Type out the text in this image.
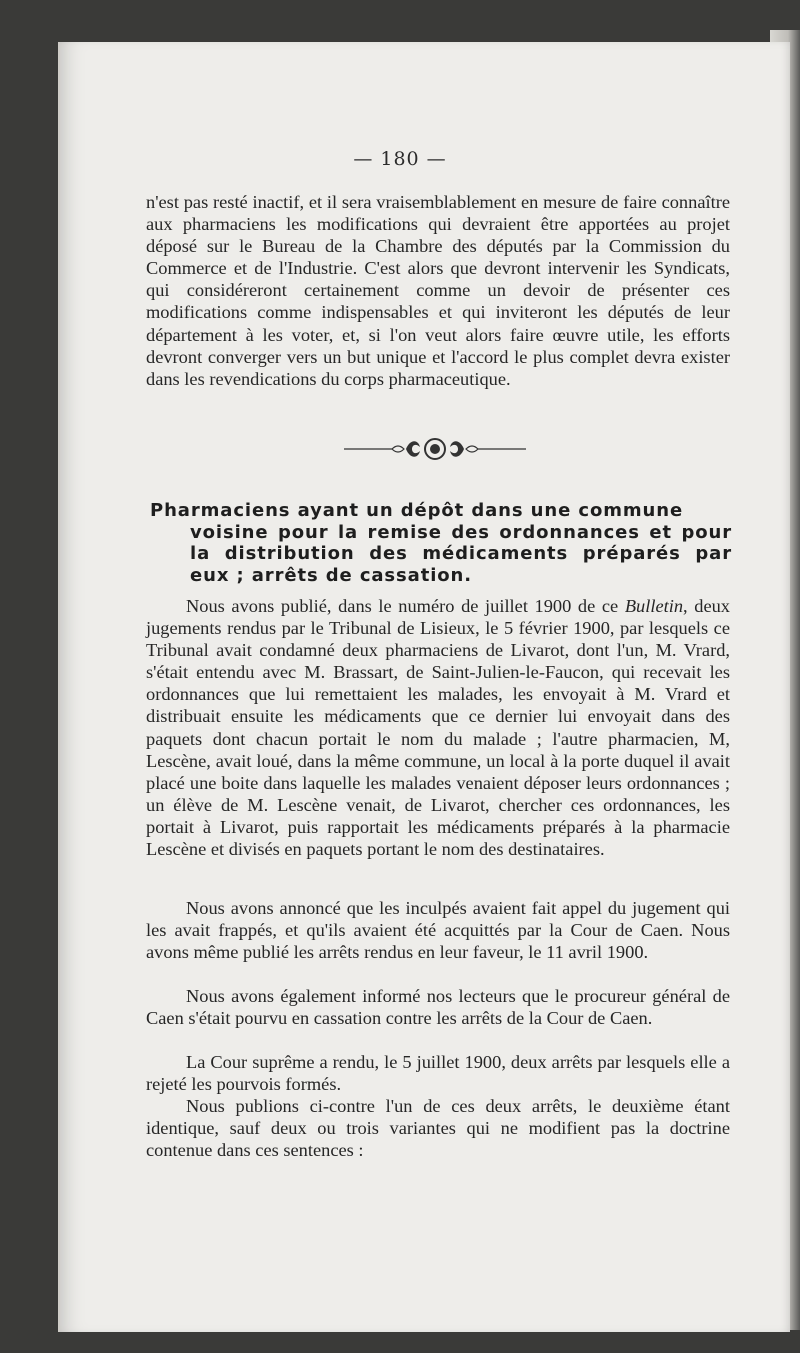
— 180 —

n'est pas resté inactif, et il sera vraisemblablement en mesure de faire connaître aux pharmaciens les modifications qui devraient être apportées au projet déposé sur le Bureau de la Chambre des députés par la Commission du Commerce et de l'Industrie. C'est alors que devront intervenir les Syndicats, qui considéreront certainement comme un devoir de présenter ces modifications comme indispensables et qui inviteront les députés de leur département à les voter, et, si l'on veut alors faire œuvre utile, les efforts devront converger vers un but unique et l'accord le plus complet devra exister dans les revendications du corps pharmaceutique.

Pharmaciens ayant un dépôt dans une commune
voisine pour la remise des ordonnances et pour la distribution des médicaments préparés par eux ; arrêts de cassation.

Nous avons publié, dans le numéro de juillet 1900 de ce Bulletin, deux jugements rendus par le Tribunal de Lisieux, le 5 février 1900, par lesquels ce Tribunal avait condamné deux pharmaciens de Livarot, dont l'un, M. Vrard, s'était entendu avec M. Brassart, de Saint-Julien-le-Faucon, qui recevait les ordonnances que lui remettaient les malades, les envoyait à M. Vrard et distribuait ensuite les médicaments que ce dernier lui envoyait dans des paquets dont chacun portait le nom du malade ; l'autre pharmacien, M, Lescène, avait loué, dans la même commune, un local à la porte duquel il avait placé une boite dans laquelle les malades venaient déposer leurs ordonnances ; un élève de M. Lescène venait, de Livarot, chercher ces ordonnances, les portait à Livarot, puis rapportait les médicaments préparés à la pharmacie Lescène et divisés en paquets portant le nom des destinataires.

Nous avons annoncé que les inculpés avaient fait appel du jugement qui les avait frappés, et qu'ils avaient été acquittés par la Cour de Caen. Nous avons même publié les arrêts rendus en leur faveur, le 11 avril 1900.

Nous avons également informé nos lecteurs que le procureur général de Caen s'était pourvu en cassation contre les arrêts de la Cour de Caen.

La Cour suprême a rendu, le 5 juillet 1900, deux arrêts par lesquels elle a rejeté les pourvois formés.

Nous publions ci-contre l'un de ces deux arrêts, le deuxième étant identique, sauf deux ou trois variantes qui ne modifient pas la doctrine contenue dans ces sentences :
